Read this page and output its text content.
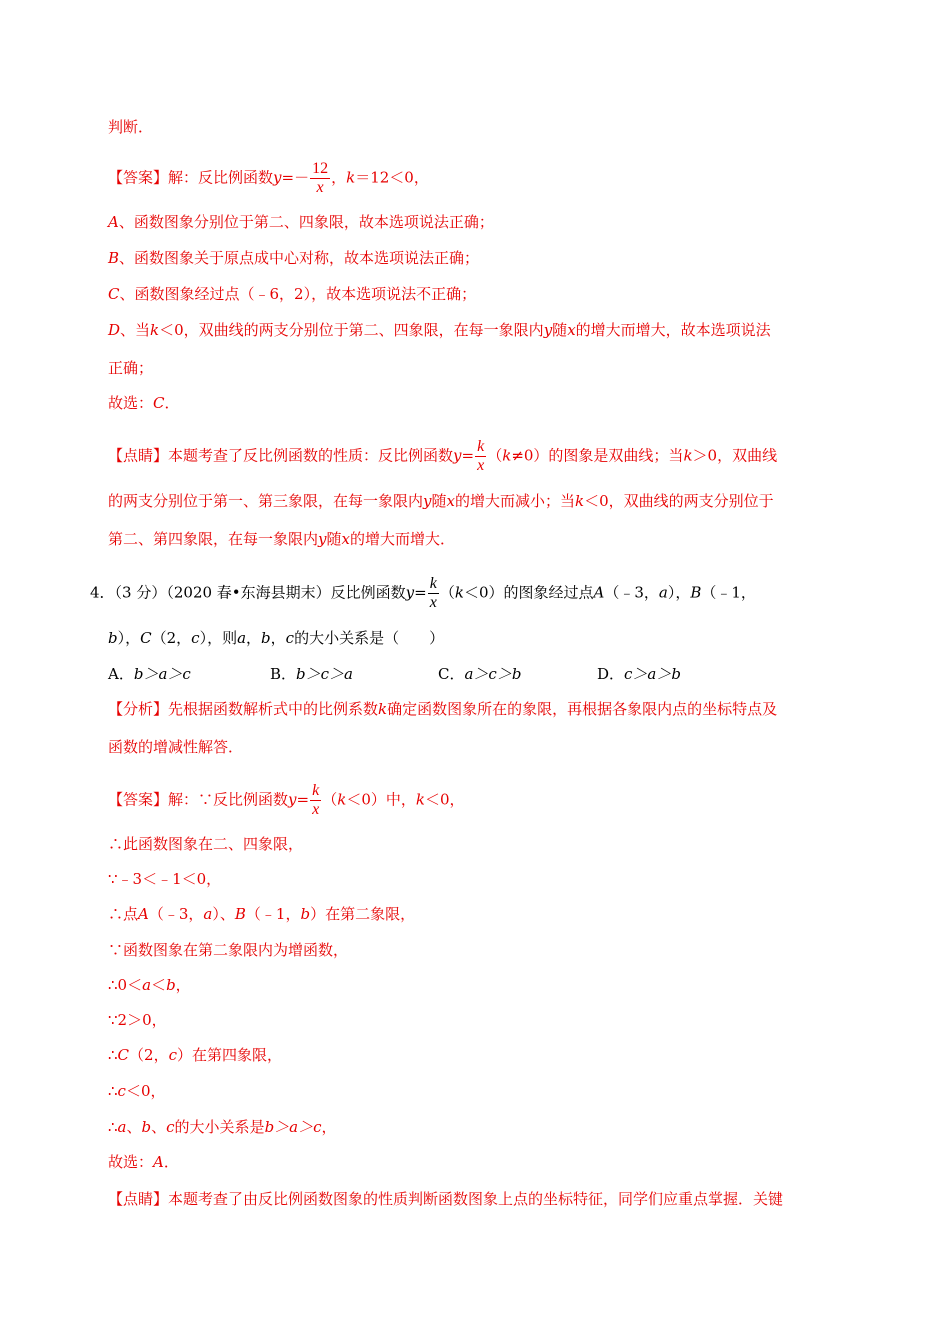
判断．
【答案】解：反比例函数$y=- \frac{12}{x}$ ，k＝12＜0，
A、函数图象分别位于第二、四象限，故本选项说法正确；
B、函数图象关于原点成中心对称，故本选项说法正确；
C、函数图象经过点（﹣6，2），故本选项说法不正确；
D、当k＜0，双曲线的两支分别位于第二、四象限，在每一象限内y随x的增大而增大，故本选项说法
正确；
故选：C．
【点睛】本题考查了反比例函数的性质：反比例函数$y= \frac{k}{x} (k\ne 0)$的图象是双曲线；当k＞0，双曲线
的两支分别位于第一、第三象限，在每一象限内y随x的增大而减小；当k＜0，双曲线的两支分别位于
第二、第四象限，在每一象限内y随x的增大而增大．
4．（3 分）（2020 春•东海县期末）反比例函数$y= \frac{k}{x} (k<0)$的图象经过点A（﹣3，a），B（﹣1，
b），C（2，c），则a，b，c的大小关系是（　　）
A．b＞a＞c	B．b＞c＞a	C．a＞c＞b	D．c＞a＞b
【分析】先根据函数解析式中的比例系数k确定函数图象所在的象限，再根据各象限内点的坐标特点及
函数的增减性解答．
【答案】解：∵反比例函数$y= \frac{k}{x} (k<0)$中，k＜0，
∴此函数图象在二、四象限，
∵﹣3＜﹣1＜0，
∴点A（﹣3，a）、B（﹣1，b）在第二象限，
∵函数图象在第二象限内为增函数，
∴0＜a＜b，
∵2＞0，
∴C（2，c）在第四象限，
∴c＜0，
∴a、b、c的大小关系是b＞a＞c，
故选：A．
【点睛】本题考查了由反比例函数图象的性质判断函数图象上点的坐标特征，同学们应重点掌握．关键
